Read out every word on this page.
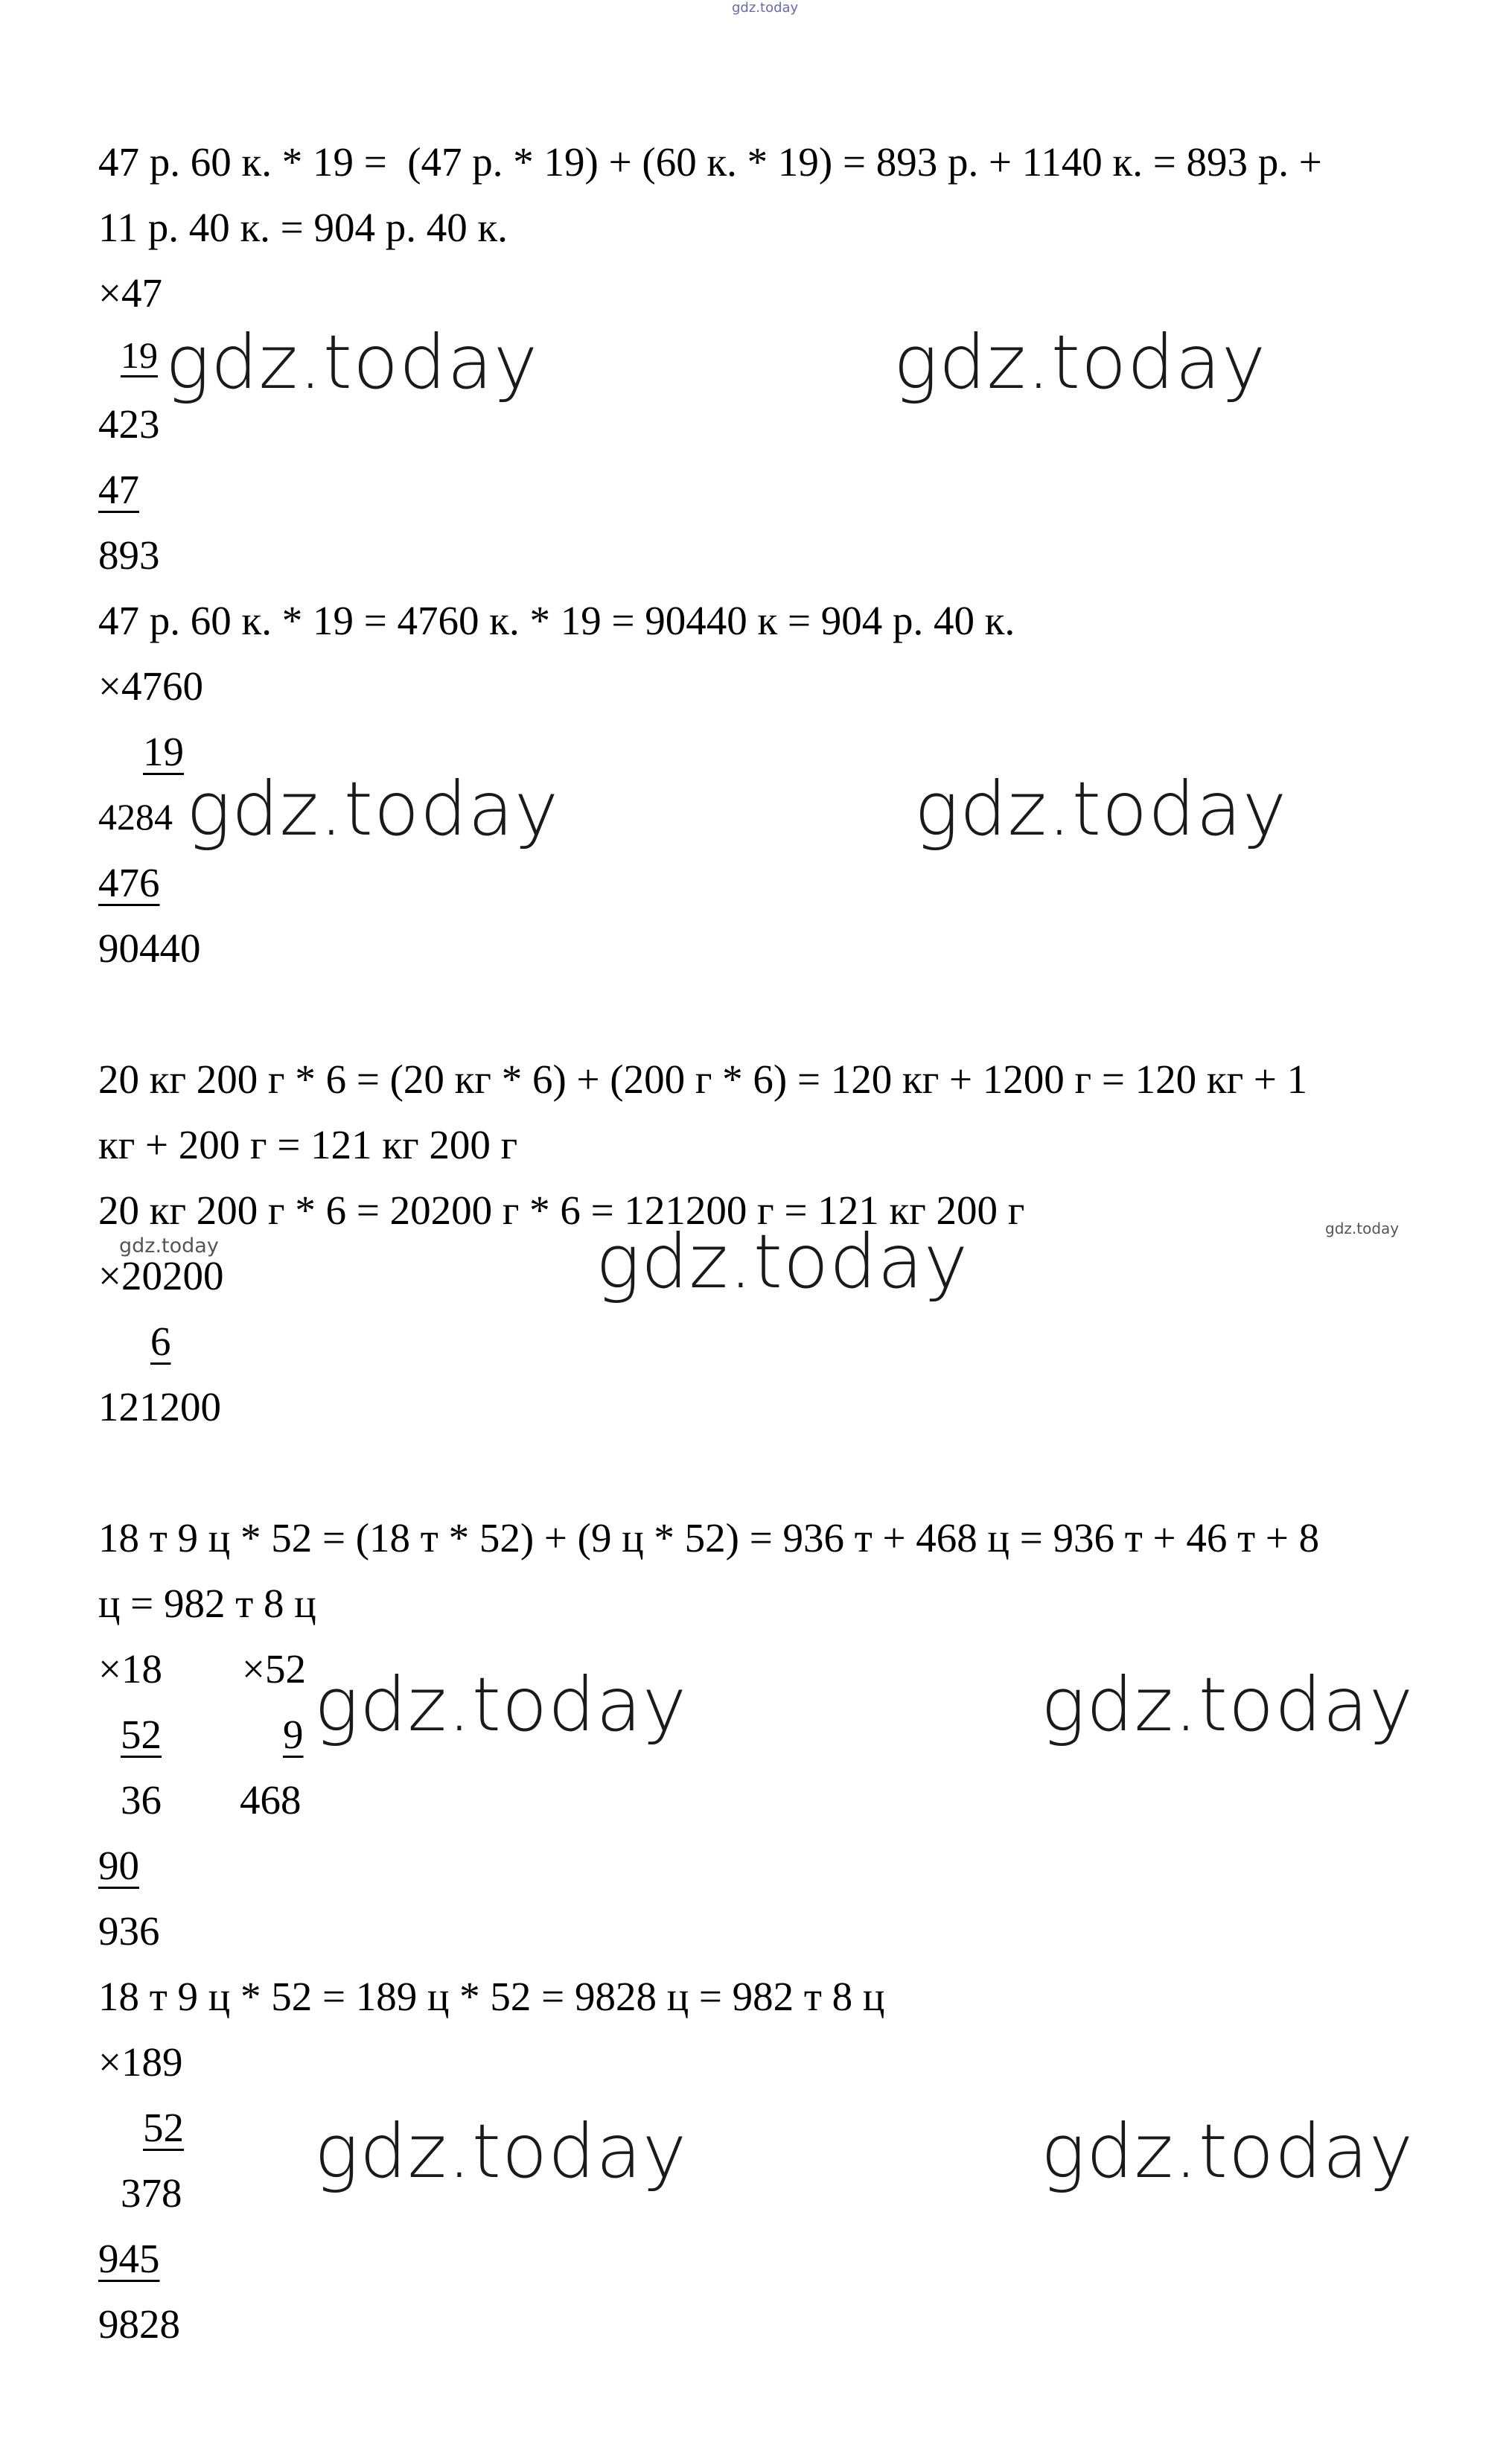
gdz.today
47 р. 60 к. * 19 =  (47 р. * 19) + (60 к. * 19) = 893 р. + 1140 к. = 893 р. +
11 р. 40 к. = 904 р. 40 к.
×47
19
423
47
893
47 р. 60 к. * 19 = 4760 к. * 19 = 90440 к = 904 р. 40 к.
×4760
19
4284
476
90440
20 кг 200 г * 6 = (20 кг * 6) + (200 г * 6) = 120 кг + 1200 г = 120 кг + 1
кг + 200 г = 121 кг 200 г
20 кг 200 г * 6 = 20200 г * 6 = 121200 г = 121 кг 200 г
×20200
6
121200
18 т 9 ц * 52 = (18 т * 52) + (9 ц * 52) = 936 т + 468 ц = 936 т + 46 т + 8
ц = 982 т 8 ц
×18 ×52
52	9
36 468
90
936
18 т 9 ц * 52 = 189 ц * 52 = 9828 ц = 982 т 8 ц
×189
52
378
945
9828
gdz.today	gdz.today
gdz.today	gdz.today
gdz.today	gdz.today	gdz.today
gdz.today	gdz.today
gdz.today	gdz.today
